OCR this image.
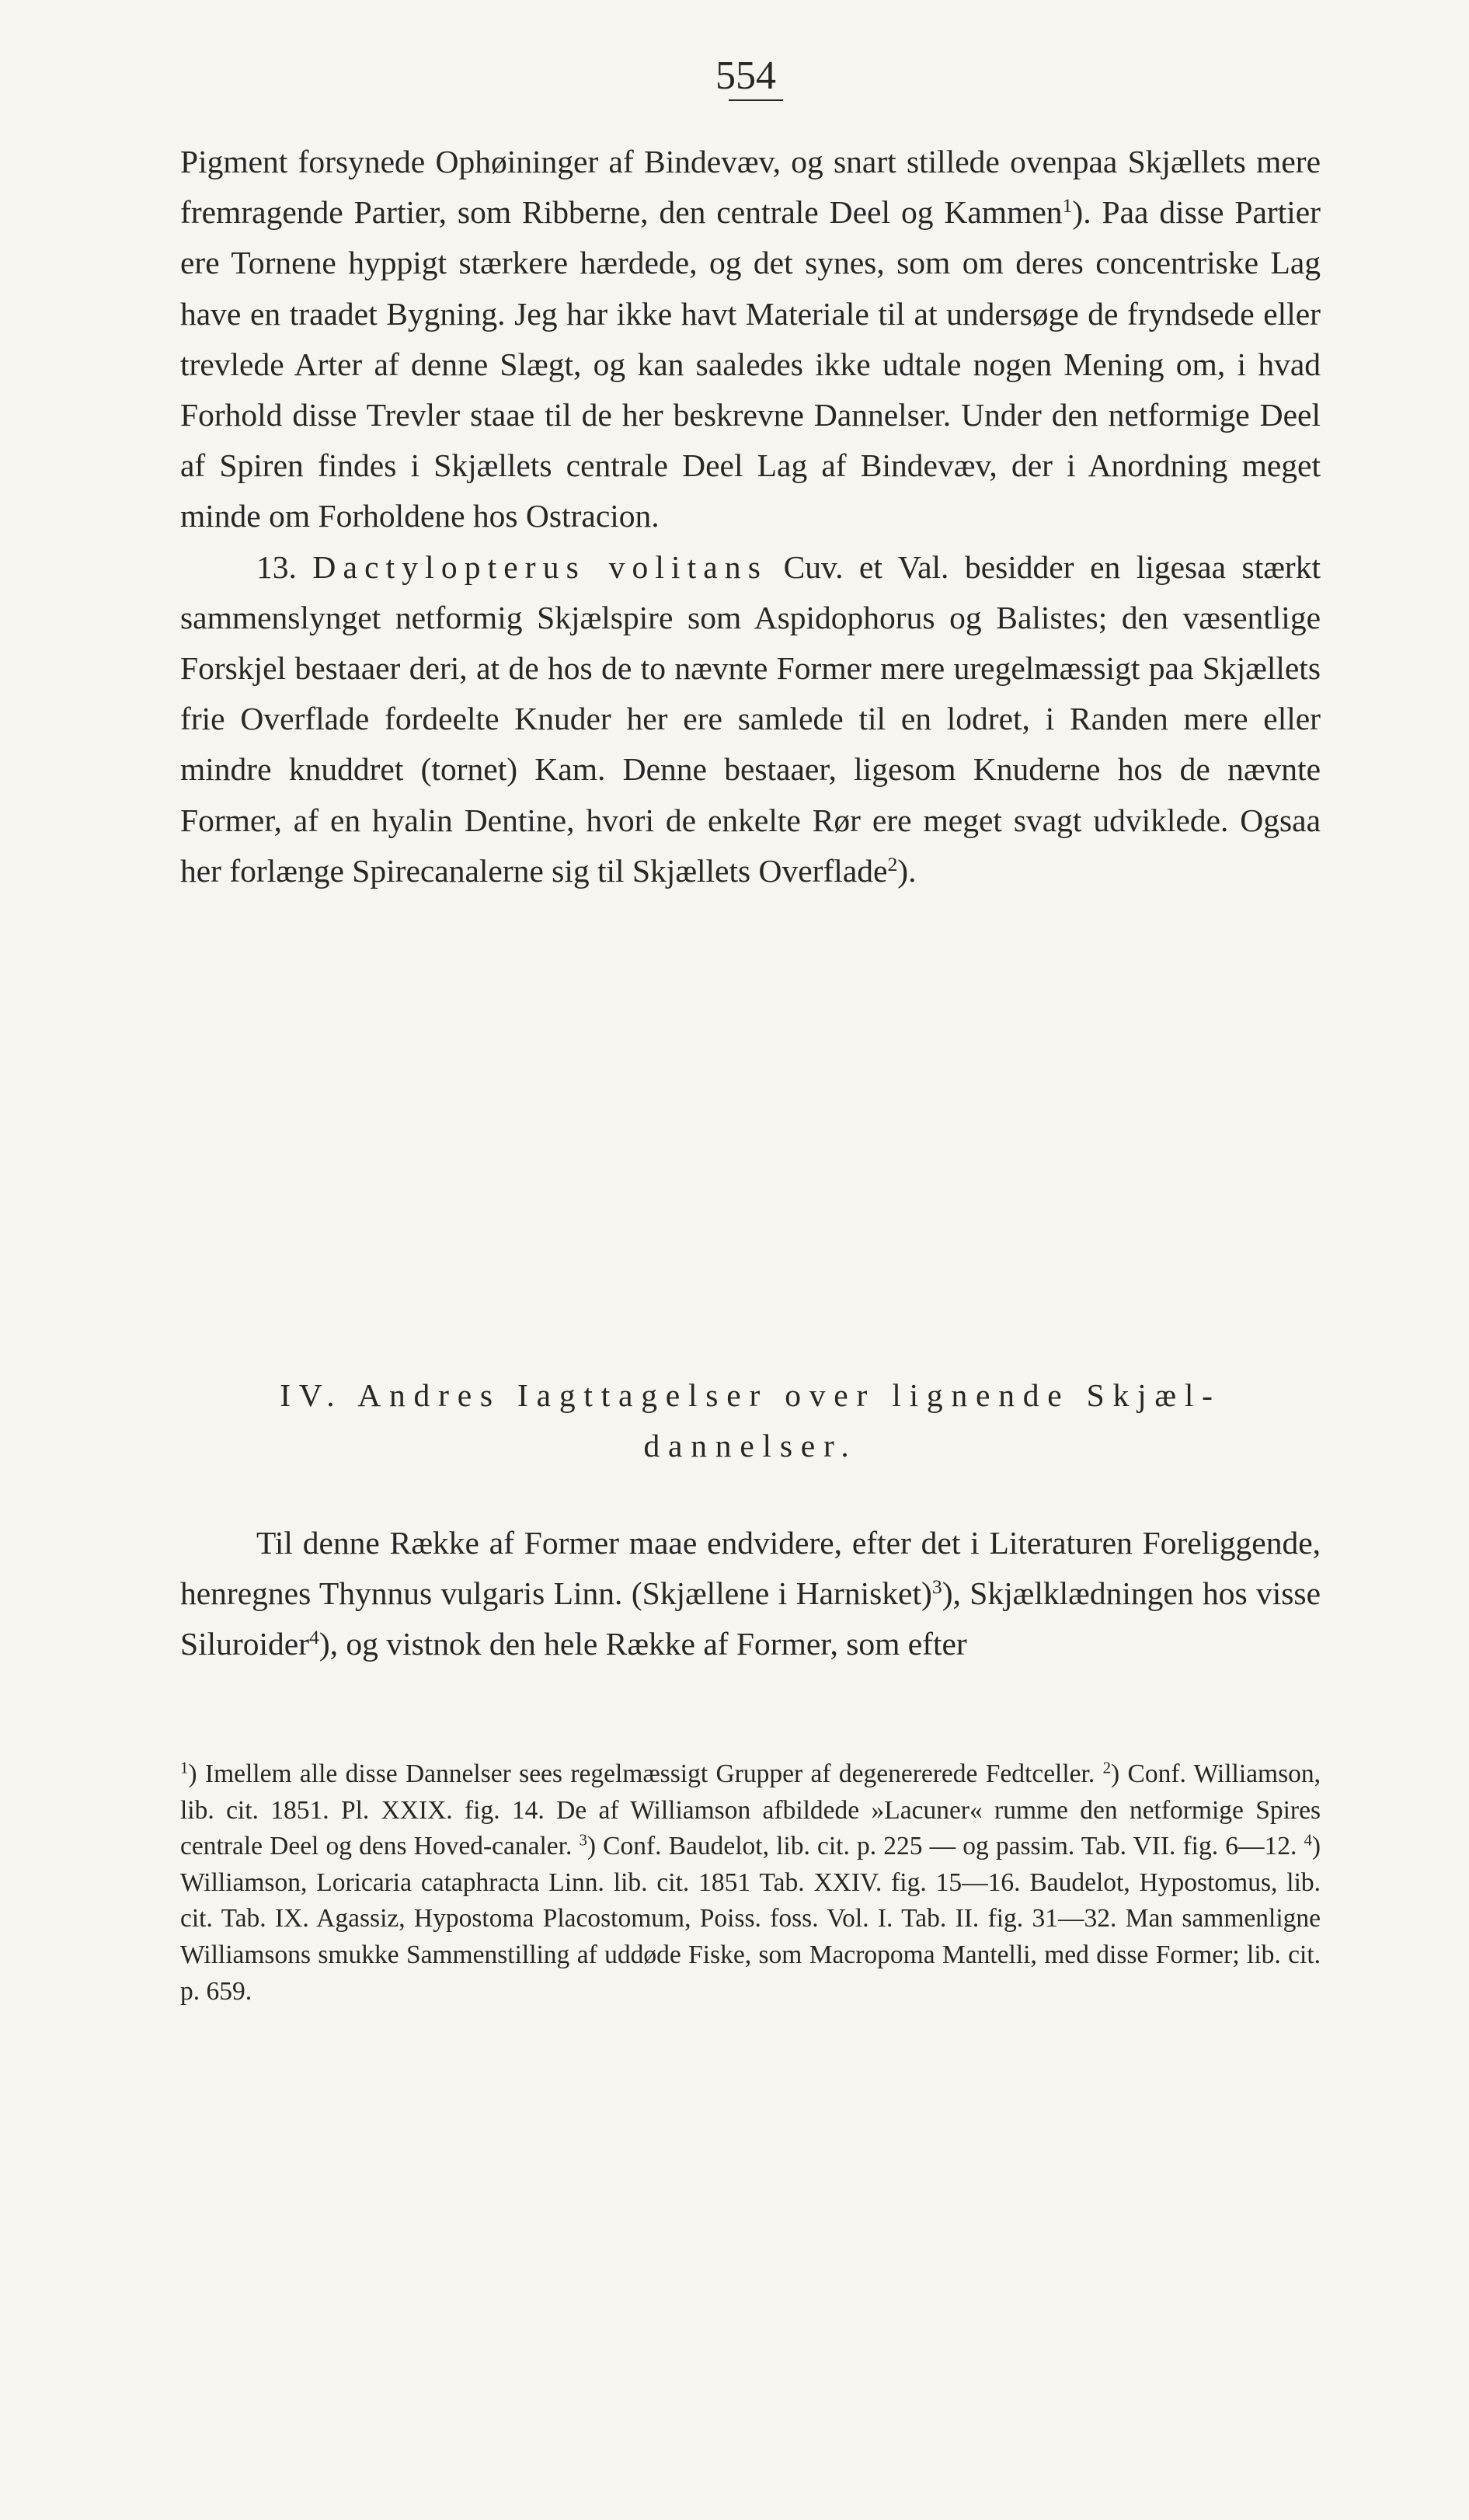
554

Pigment forsynede Ophøininger af Bindevæv, og snart stillede ovenpaa Skjællets mere fremragende Partier, som Ribberne, den centrale Deel og Kammen$^1$). Paa disse Partier ere Tornene hyppigt stærkere hærdede, og det synes, som om deres concentriske Lag have en traadet Bygning. Jeg har ikke havt Materiale til at undersøge de fryndsede eller trevlede Arter af denne Slægt, og kan saaledes ikke udtale nogen Mening om, i hvad Forhold disse Trevler staae til de her beskrevne Dannelser. Under den netformige Deel af Spiren findes i Skjællets centrale Deel Lag af Bindevæv, der i Anordning meget minde om Forholdene hos Ostracion.

13. Dactylopterus volitans Cuv. et Val. besidder en ligesaa stærkt sammenslynget netformig Skjælspire som Aspidophorus og Balistes; den væsentlige Forskjel bestaaer deri, at de hos de to nævnte Former mere uregelmæssigt paa Skjællets frie Overflade fordeelte Knuder her ere samlede til en lodret, i Randen mere eller mindre knuddret (tornet) Kam. Denne bestaaer, ligesom Knuderne hos de nævnte Former, af en hyalin Dentine, hvori de enkelte Rør ere meget svagt udviklede. Ogsaa her forlænge Spirecanalerne sig til Skjællets Overflade$^2$).

IV. Andres Iagttagelser over lignende Skjæl-
dannelser.

Til denne Række af Former maae endvidere, efter det i Literaturen Foreliggende, henregnes Thynnus vulgaris Linn. (Skjællene i Harnisket)$^3$), Skjælklædningen hos visse Siluroider$^4$), og vistnok den hele Række af Former, som efter

$^1$) Imellem alle disse Dannelser sees regelmæssigt Grupper af degenererede Fedtceller. $^2$) Conf. Williamson, lib. cit. 1851. Pl. XXIX. fig. 14. De af Williamson afbildede »Lacuner« rumme den netformige Spires centrale Deel og dens Hoved-canaler. $^3$) Conf. Baudelot, lib. cit. p. 225 — og passim. Tab. VII. fig. 6—12. $^4$) Williamson, Loricaria cataphracta Linn. lib. cit. 1851 Tab. XXIV. fig. 15—16. Baudelot, Hypostomus, lib. cit. Tab. IX. Agassiz, Hypostoma Placostomum, Poiss. foss. Vol. I. Tab. II. fig. 31—32. Man sammenligne Williamsons smukke Sammenstilling af uddøde Fiske, som Macropoma Mantelli, med disse Former; lib. cit. p. 659.
